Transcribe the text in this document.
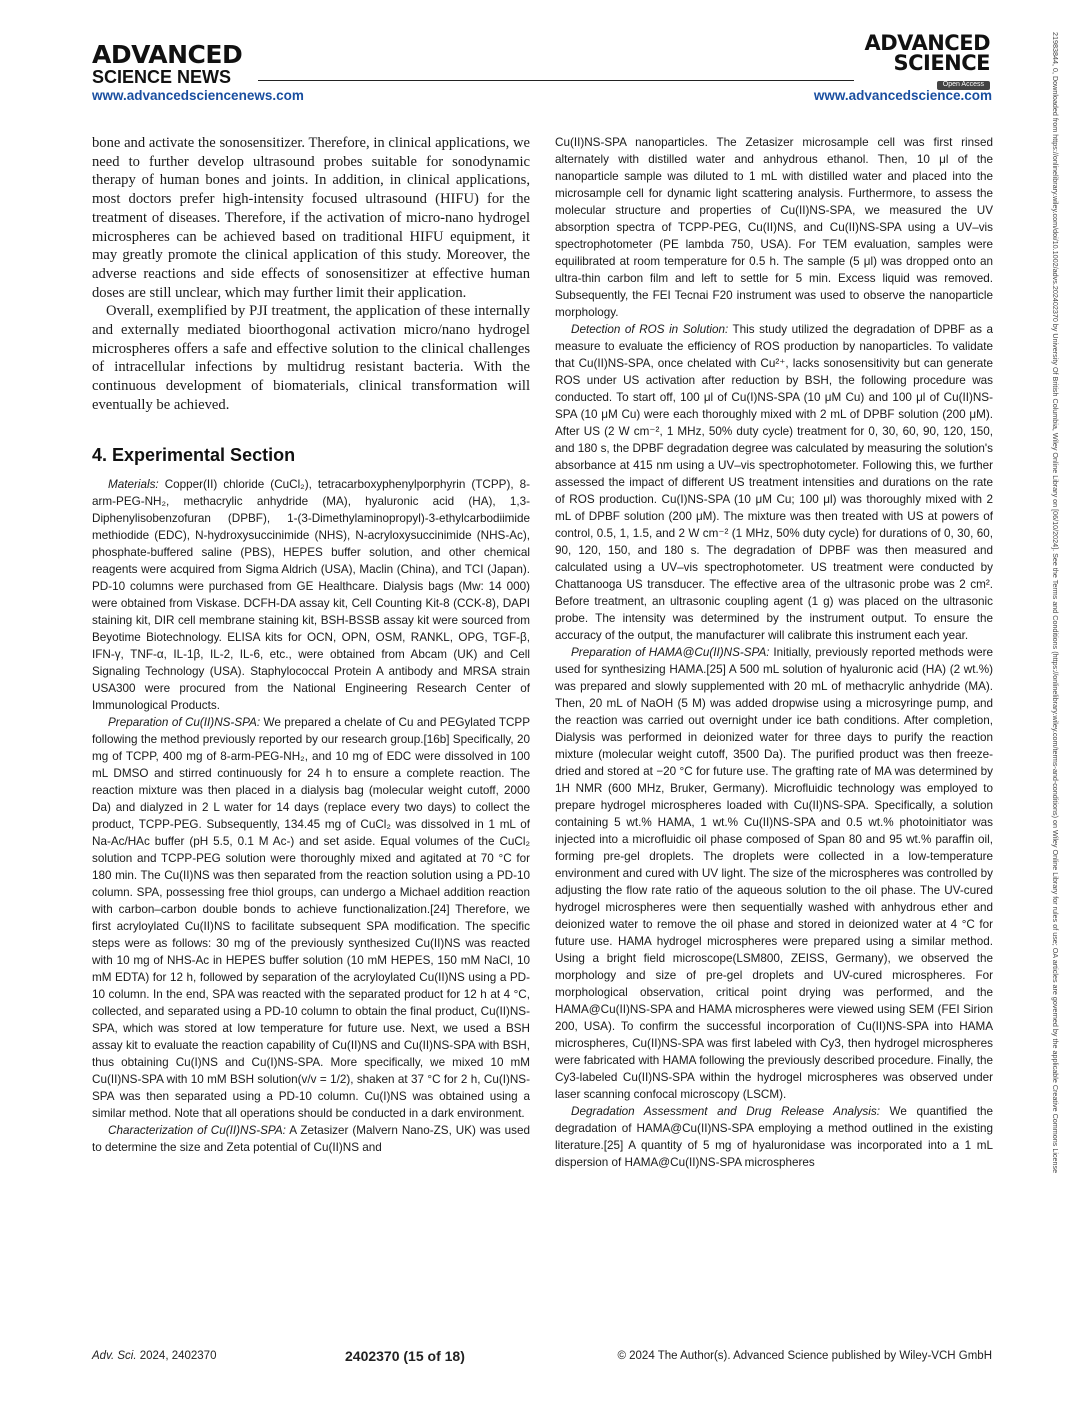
ADVANCED
SCIENCE NEWS
ADVANCED
SCIENCE
Open Access
www.advancedsciencenews.com	www.advancedscience.com	21983844, 0, Downloaded from https://onlinelibrary.wiley.com/doi/10.1002/advs.202402370 by University Of British Columbia, Wiley Online Library on [06/10/2024]. See the Terms and Conditions (https://onlinelibrary.wiley.com/terms-and-conditions) on Wiley Online Library for rules of use; OA articles are governed by the applicable Creative Commons License

bone and activate the sonosensitizer. Therefore, in clinical applications, we need to further develop ultrasound probes suitable for sonodynamic therapy of human bones and joints. In addition, in clinical applications, most doctors prefer high-intensity focused ultrasound (HIFU) for the treatment of diseases. Therefore, if the activation of micro-nano hydrogel microspheres can be achieved based on traditional HIFU equipment, it may greatly promote the clinical application of this study. Moreover, the adverse reactions and side effects of sonosensitizer at effective human doses are still unclear, which may further limit their application.

Overall, exemplified by PJI treatment, the application of these internally and externally mediated bioorthogonal activation micro/nano hydrogel microspheres offers a safe and effective solution to the clinical challenges of intracellular infections by multidrug resistant bacteria. With the continuous development of biomaterials, clinical transformation will eventually be achieved.

4. Experimental Section

Materials: Copper(II) chloride (CuCl₂), tetracarboxyphenylporphyrin (TCPP), 8-arm-PEG-NH₂, methacrylic anhydride (MA), hyaluronic acid (HA), 1,3-Diphenylisobenzofuran (DPBF), 1-(3-Dimethylaminopropyl)-3-ethylcarbodiimide methiodide (EDC), N-hydroxysuccinimide (NHS), N-acryloxysuccinimide (NHS-Ac), phosphate-buffered saline (PBS), HEPES buffer solution, and other chemical reagents were acquired from Sigma Aldrich (USA), Maclin (China), and TCI (Japan). PD-10 columns were purchased from GE Healthcare. Dialysis bags (Mw: 14 000) were obtained from Viskase. DCFH-DA assay kit, Cell Counting Kit-8 (CCK-8), DAPI staining kit, DIR cell membrane staining kit, BSH-BSSB assay kit were sourced from Beyotime Biotechnology. ELISA kits for OCN, OPN, OSM, RANKL, OPG, TGF-β, IFN-γ, TNF-α, IL-1β, IL-2, IL-6, etc., were obtained from Abcam (UK) and Cell Signaling Technology (USA). Staphylococcal Protein A antibody and MRSA strain USA300 were procured from the National Engineering Research Center of Immunological Products.

Preparation of Cu(II)NS-SPA: We prepared a chelate of Cu and PEGylated TCPP following the method previously reported by our research group.[16b] Specifically, 20 mg of TCPP, 400 mg of 8-arm-PEG-NH₂, and 10 mg of EDC were dissolved in 100 mL DMSO and stirred continuously for 24 h to ensure a complete reaction. The reaction mixture was then placed in a dialysis bag (molecular weight cutoff, 2000 Da) and dialyzed in 2 L water for 14 days (replace every two days) to collect the product, TCPP-PEG. Subsequently, 134.45 mg of CuCl₂ was dissolved in 1 mL of Na-Ac/HAc buffer (pH 5.5, 0.1 M Ac-) and set aside. Equal volumes of the CuCl₂ solution and TCPP-PEG solution were thoroughly mixed and agitated at 70 °C for 180 min. The Cu(II)NS was then separated from the reaction solution using a PD-10 column. SPA, possessing free thiol groups, can undergo a Michael addition reaction with carbon–carbon double bonds to achieve functionalization.[24] Therefore, we first acryloylated Cu(II)NS to facilitate subsequent SPA modification. The specific steps were as follows: 30 mg of the previously synthesized Cu(II)NS was reacted with 10 mg of NHS-Ac in HEPES buffer solution (10 mM HEPES, 150 mM NaCl, 10 mM EDTA) for 12 h, followed by separation of the acryloylated Cu(II)NS using a PD-10 column. In the end, SPA was reacted with the separated product for 12 h at 4 °C, collected, and separated using a PD-10 column to obtain the final product, Cu(II)NS-SPA, which was stored at low temperature for future use. Next, we used a BSH assay kit to evaluate the reaction capability of Cu(II)NS and Cu(II)NS-SPA with BSH, thus obtaining Cu(I)NS and Cu(I)NS-SPA. More specifically, we mixed 10 mM Cu(II)NS-SPA with 10 mM BSH solution(v/v = 1/2), shaken at 37 °C for 2 h, Cu(I)NS-SPA was then separated using a PD-10 column. Cu(I)NS was obtained using a similar method. Note that all operations should be conducted in a dark environment.

Characterization of Cu(II)NS-SPA: A Zetasizer (Malvern Nano-ZS, UK) was used to determine the size and Zeta potential of Cu(II)NS and

Cu(II)NS-SPA nanoparticles. The Zetasizer microsample cell was first rinsed alternately with distilled water and anhydrous ethanol. Then, 10 μl of the nanoparticle sample was diluted to 1 mL with distilled water and placed into the microsample cell for dynamic light scattering analysis. Furthermore, to assess the molecular structure and properties of Cu(II)NS-SPA, we measured the UV absorption spectra of TCPP-PEG, Cu(II)NS, and Cu(II)NS-SPA using a UV–vis spectrophotometer (PE lambda 750, USA). For TEM evaluation, samples were equilibrated at room temperature for 0.5 h. The sample (5 μl) was dropped onto an ultra-thin carbon film and left to settle for 5 min. Excess liquid was removed. Subsequently, the FEI Tecnai F20 instrument was used to observe the nanoparticle morphology.

Detection of ROS in Solution: This study utilized the degradation of DPBF as a measure to evaluate the efficiency of ROS production by nanoparticles. To validate that Cu(II)NS-SPA, once chelated with Cu²⁺, lacks sonosensitivity but can generate ROS under US activation after reduction by BSH, the following procedure was conducted. To start off, 100 μl of Cu(I)NS-SPA (10 μM Cu) and 100 μl of Cu(II)NS-SPA (10 μM Cu) were each thoroughly mixed with 2 mL of DPBF solution (200 μM). After US (2 W cm⁻², 1 MHz, 50% duty cycle) treatment for 0, 30, 60, 90, 120, 150, and 180 s, the DPBF degradation degree was calculated by measuring the solution's absorbance at 415 nm using a UV–vis spectrophotometer. Following this, we further assessed the impact of different US treatment intensities and durations on the rate of ROS production. Cu(I)NS-SPA (10 μM Cu; 100 μl) was thoroughly mixed with 2 mL of DPBF solution (200 μM). The mixture was then treated with US at powers of control, 0.5, 1, 1.5, and 2 W cm⁻² (1 MHz, 50% duty cycle) for durations of 0, 30, 60, 90, 120, 150, and 180 s. The degradation of DPBF was then measured and calculated using a UV–vis spectrophotometer. US treatment were conducted by Chattanooga US transducer. The effective area of the ultrasonic probe was 2 cm². Before treatment, an ultrasonic coupling agent (1 g) was placed on the ultrasonic probe. The intensity was determined by the instrument output. To ensure the accuracy of the output, the manufacturer will calibrate this instrument each year.

Preparation of HAMA@Cu(II)NS-SPA: Initially, previously reported methods were used for synthesizing HAMA.[25] A 500 mL solution of hyaluronic acid (HA) (2 wt.%) was prepared and slowly supplemented with 20 mL of methacrylic anhydride (MA). Then, 20 mL of NaOH (5 M) was added dropwise using a microsyringe pump, and the reaction was carried out overnight under ice bath conditions. After completion, Dialysis was performed in deionized water for three days to purify the reaction mixture (molecular weight cutoff, 3500 Da). The purified product was then freeze-dried and stored at −20 °C for future use. The grafting rate of MA was determined by 1H NMR (600 MHz, Bruker, Germany). Microfluidic technology was employed to prepare hydrogel microspheres loaded with Cu(II)NS-SPA. Specifically, a solution containing 5 wt.% HAMA, 1 wt.% Cu(II)NS-SPA and 0.5 wt.% photoinitiator was injected into a microfluidic oil phase composed of Span 80 and 95 wt.% paraffin oil, forming pre-gel droplets. The droplets were collected in a low-temperature environment and cured with UV light. The size of the microspheres was controlled by adjusting the flow rate ratio of the aqueous solution to the oil phase. The UV-cured hydrogel microspheres were then sequentially washed with anhydrous ether and deionized water to remove the oil phase and stored in deionized water at 4 °C for future use. HAMA hydrogel microspheres were prepared using a similar method. Using a bright field microscope(LSM800, ZEISS, Germany), we observed the morphology and size of pre-gel droplets and UV-cured microspheres. For morphological observation, critical point drying was performed, and the HAMA@Cu(II)NS-SPA and HAMA microspheres were viewed using SEM (FEI Sirion 200, USA). To confirm the successful incorporation of Cu(II)NS-SPA into HAMA microspheres, Cu(II)NS-SPA was first labeled with Cy3, then hydrogel microspheres were fabricated with HAMA following the previously described procedure. Finally, the Cy3-labeled Cu(II)NS-SPA within the hydrogel microspheres was observed under laser scanning confocal microscopy (LSCM).

Degradation Assessment and Drug Release Analysis: We quantified the degradation of HAMA@Cu(II)NS-SPA employing a method outlined in the existing literature.[25] A quantity of 5 mg of hyaluronidase was incorporated into a 1 mL dispersion of HAMA@Cu(II)NS-SPA microspheres

Adv. Sci. 2024, 2402370	2402370 (15 of 18)	© 2024 The Author(s). Advanced Science published by Wiley-VCH GmbH
